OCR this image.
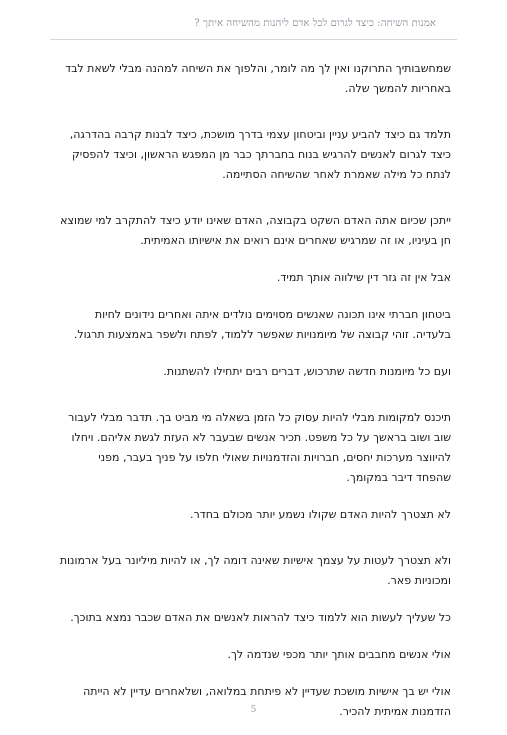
אמנות השיחה: כיצד לגרום לכל אדם ליהנות מהשיחה איתך ?

שמחשבותיך התרוקנו ואין לך מה לומר, והלפוך את השיחה למהנה מבלי לשאת לבד
באחריות להמשך שלה.

תלמד גם כיצד להביע עניין וביטחון עצמי בדרך מושכת, כיצד לבנות קרבה בהדרגה,
כיצד לגרום לאנשים להרגיש בנוח בחברתך כבר מן המפגש הראשון, וכיצד להפסיק
לנתח כל מילה שאמרת לאחר שהשיחה הסתיימה.

ייתכן שכיום אתה האדם השקט בקבוצה, האדם שאינו יודע כיצד להתקרב למי שמוצא
חן בעיניו, או זה שמרגיש שאחרים אינם רואים את אישיותו האמיתית.

אבל אין זה גזר דין שילווה אותך תמיד.

ביטחון חברתי אינו תכונה שאנשים מסוימים נולדים איתה ואחרים נידונים לחיות
בלעדיה. זוהי קבוצה של מיומנויות שאפשר ללמוד, לפתח ולשפר באמצעות תרגול.

ועם כל מיומנות חדשה שתרכוש, דברים רבים יתחילו להשתנות.

תיכנס למקומות מבלי להיות עסוק כל הזמן בשאלה מי מביט בך. תדבר מבלי לעבור
שוב ושוב בראשך על כל משפט. תכיר אנשים שבעבר לא העזת לגשת אליהם. ויחלו
להיווצר מערכות יחסים, חברויות והזדמנויות שאולי חלפו על פניך בעבר, מפני
שהפחד דיבר במקומך.

לא תצטרך להיות האדם שקולו נשמע יותר מכולם בחדר.

ולא תצטרך לעטות על עצמך אישיות שאינה דומה לך, או להיות מיליונר בעל ארמונות
ומכוניות פאר.

כל שעליך לעשות הוא ללמוד כיצד להראות לאנשים את האדם שכבר נמצא בתוכך.

אולי אנשים מחבבים אותך יותר מכפי שנדמה לך.

אולי יש בך אישיות מושכת שעדיין לא פיתחת במלואה, ושלאחרים עדיין לא הייתה
הזדמנות אמיתית להכיר.

5
